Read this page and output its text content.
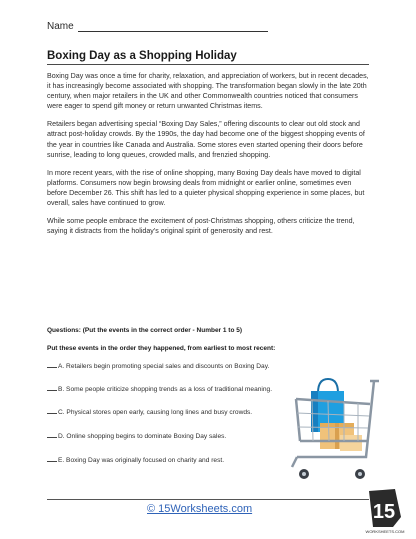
Name
Boxing Day as a Shopping Holiday

Boxing Day was once a time for charity, relaxation, and appreciation of workers, but in recent decades, it has increasingly become associated with shopping. The transformation began slowly in the late 20th century, when major retailers in the UK and other Commonwealth countries noticed that consumers were eager to spend gift money or return unwanted Christmas items.

Retailers began advertising special “Boxing Day Sales,” offering discounts to clear out old stock and attract post-holiday crowds. By the 1990s, the day had become one of the biggest shopping events of the year in countries like Canada and Australia. Some stores even started opening their doors before sunrise, leading to long queues, crowded malls, and frenzied shopping.

In more recent years, with the rise of online shopping, many Boxing Day deals have moved to digital platforms. Consumers now begin browsing deals from midnight or earlier online, sometimes even before December 26. This shift has led to a quieter physical shopping experience in some places, but overall, sales have continued to grow.

While some people embrace the excitement of post-Christmas shopping, others criticize the trend, saying it distracts from the holiday’s original spirit of generosity and rest.

Questions: (Put the events in the correct order - Number 1 to 5)
Put these events in the order they happened, from earliest to most recent:
A. Retailers begin promoting special sales and discounts on Boxing Day.
B. Some people criticize shopping trends as a loss of traditional meaning.
C. Physical stores open early, causing long lines and busy crowds.
D. Online shopping begins to dominate Boxing Day sales.
E. Boxing Day was originally focused on charity and rest.
© 15Worksheets.com	15
WORKSHEETS.COM
